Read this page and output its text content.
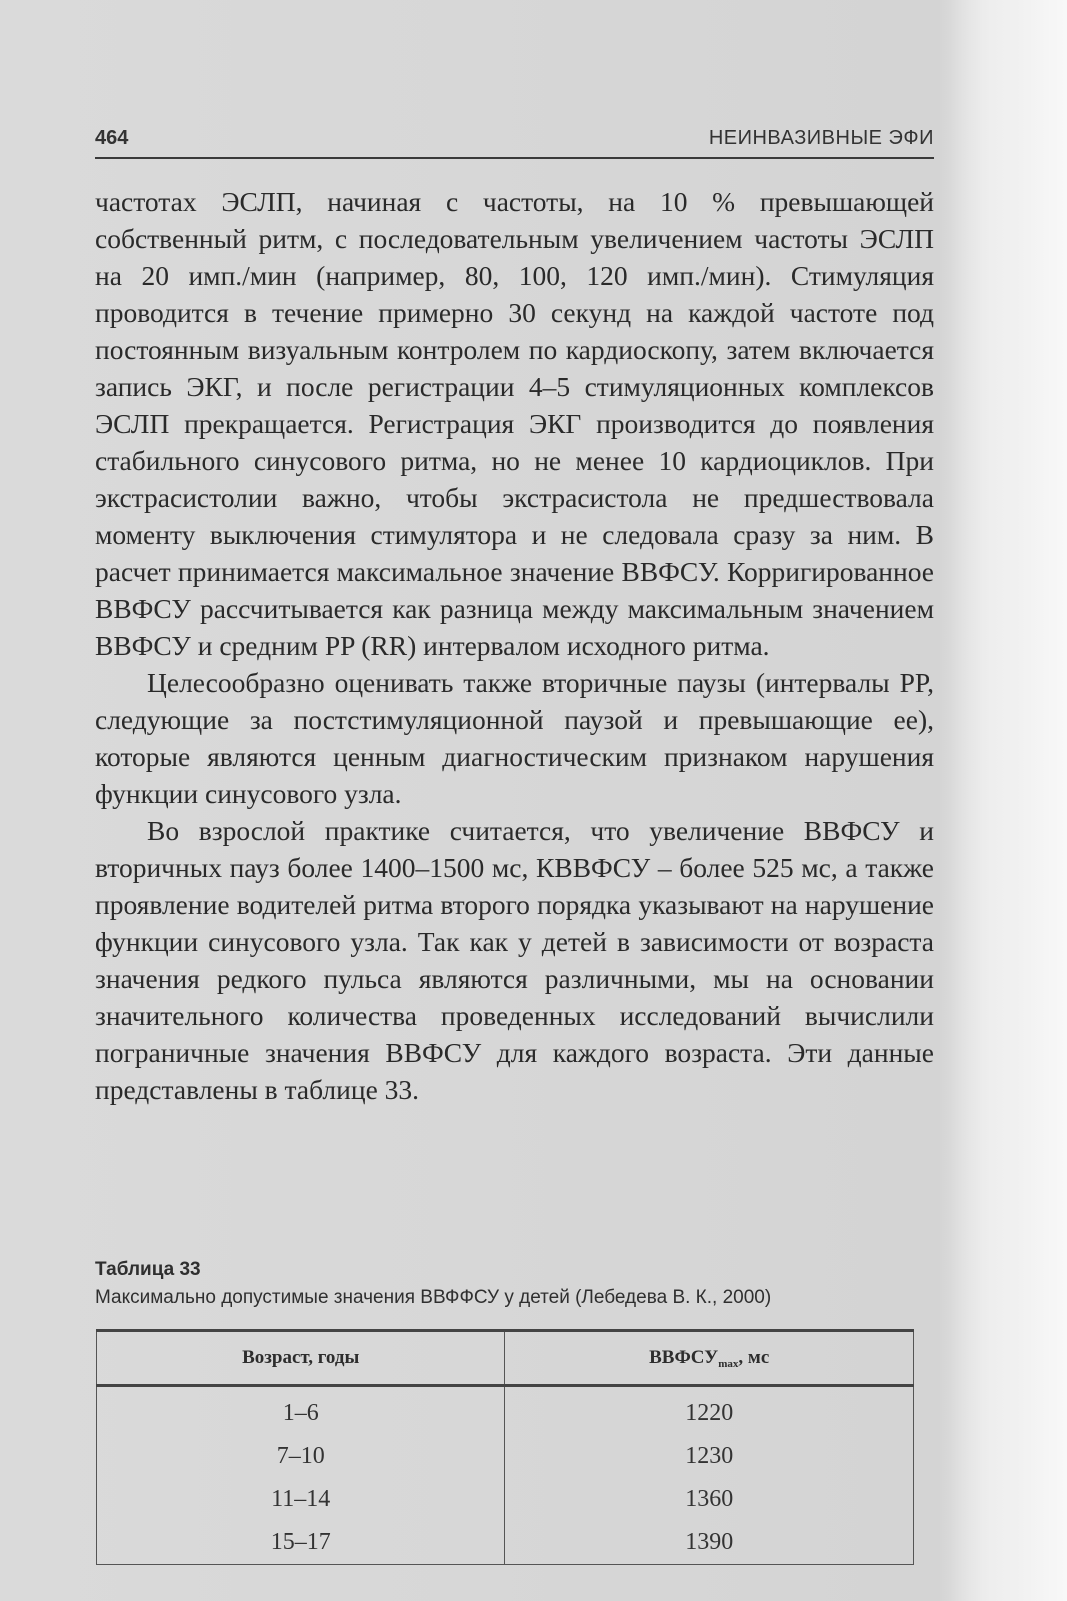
464	НЕИНВАЗИВНЫЕ ЭФИ

частотах ЭСЛП, начиная с частоты, на 10 % превышающей собственный ритм, с последовательным увеличением частоты ЭСЛП на 20 имп./мин (например, 80, 100, 120 имп./мин). Стимуляция проводится в течение примерно 30 секунд на каждой частоте под постоянным визуальным контролем по кардиоскопу, затем включается запись ЭКГ, и после регистрации 4–5 стимуляционных комплексов ЭСЛП прекращается. Регистрация ЭКГ производится до появления стабильного синусового ритма, но не менее 10 кардиоциклов. При экстрасистолии важно, чтобы экстрасистола не предшествовала моменту выключения стимулятора и не следовала сразу за ним. В расчет принимается максимальное значение ВВФСУ. Корригированное ВВФСУ рассчитывается как разница между максимальным значением ВВФСУ и средним PP (RR) интервалом исходного ритма.

Целесообразно оценивать также вторичные паузы (интервалы PP, следующие за постстимуляционной паузой и превышающие ее), которые являются ценным диагностическим признаком нарушения функции синусового узла.

Во взрослой практике считается, что увеличение ВВФСУ и вторичных пауз более 1400–1500 мс, КВВФСУ – более 525 мс, а также проявление водителей ритма второго порядка указывают на нарушение функции синусового узла. Так как у детей в зависимости от возраста значения редкого пульса являются различными, мы на основании значительного количества проведенных исследований вычислили пограничные значения ВВФСУ для каждого возраста. Эти данные представлены в таблице 33.

Таблица 33
Максимально допустимые значения ВВФФСУ у детей (Лебедева В. К., 2000)
Возраст, годы	$ВВФСУ_{max}$, мс
1–6	1220
7–10	1230
11–14	1360
15–17	1390
